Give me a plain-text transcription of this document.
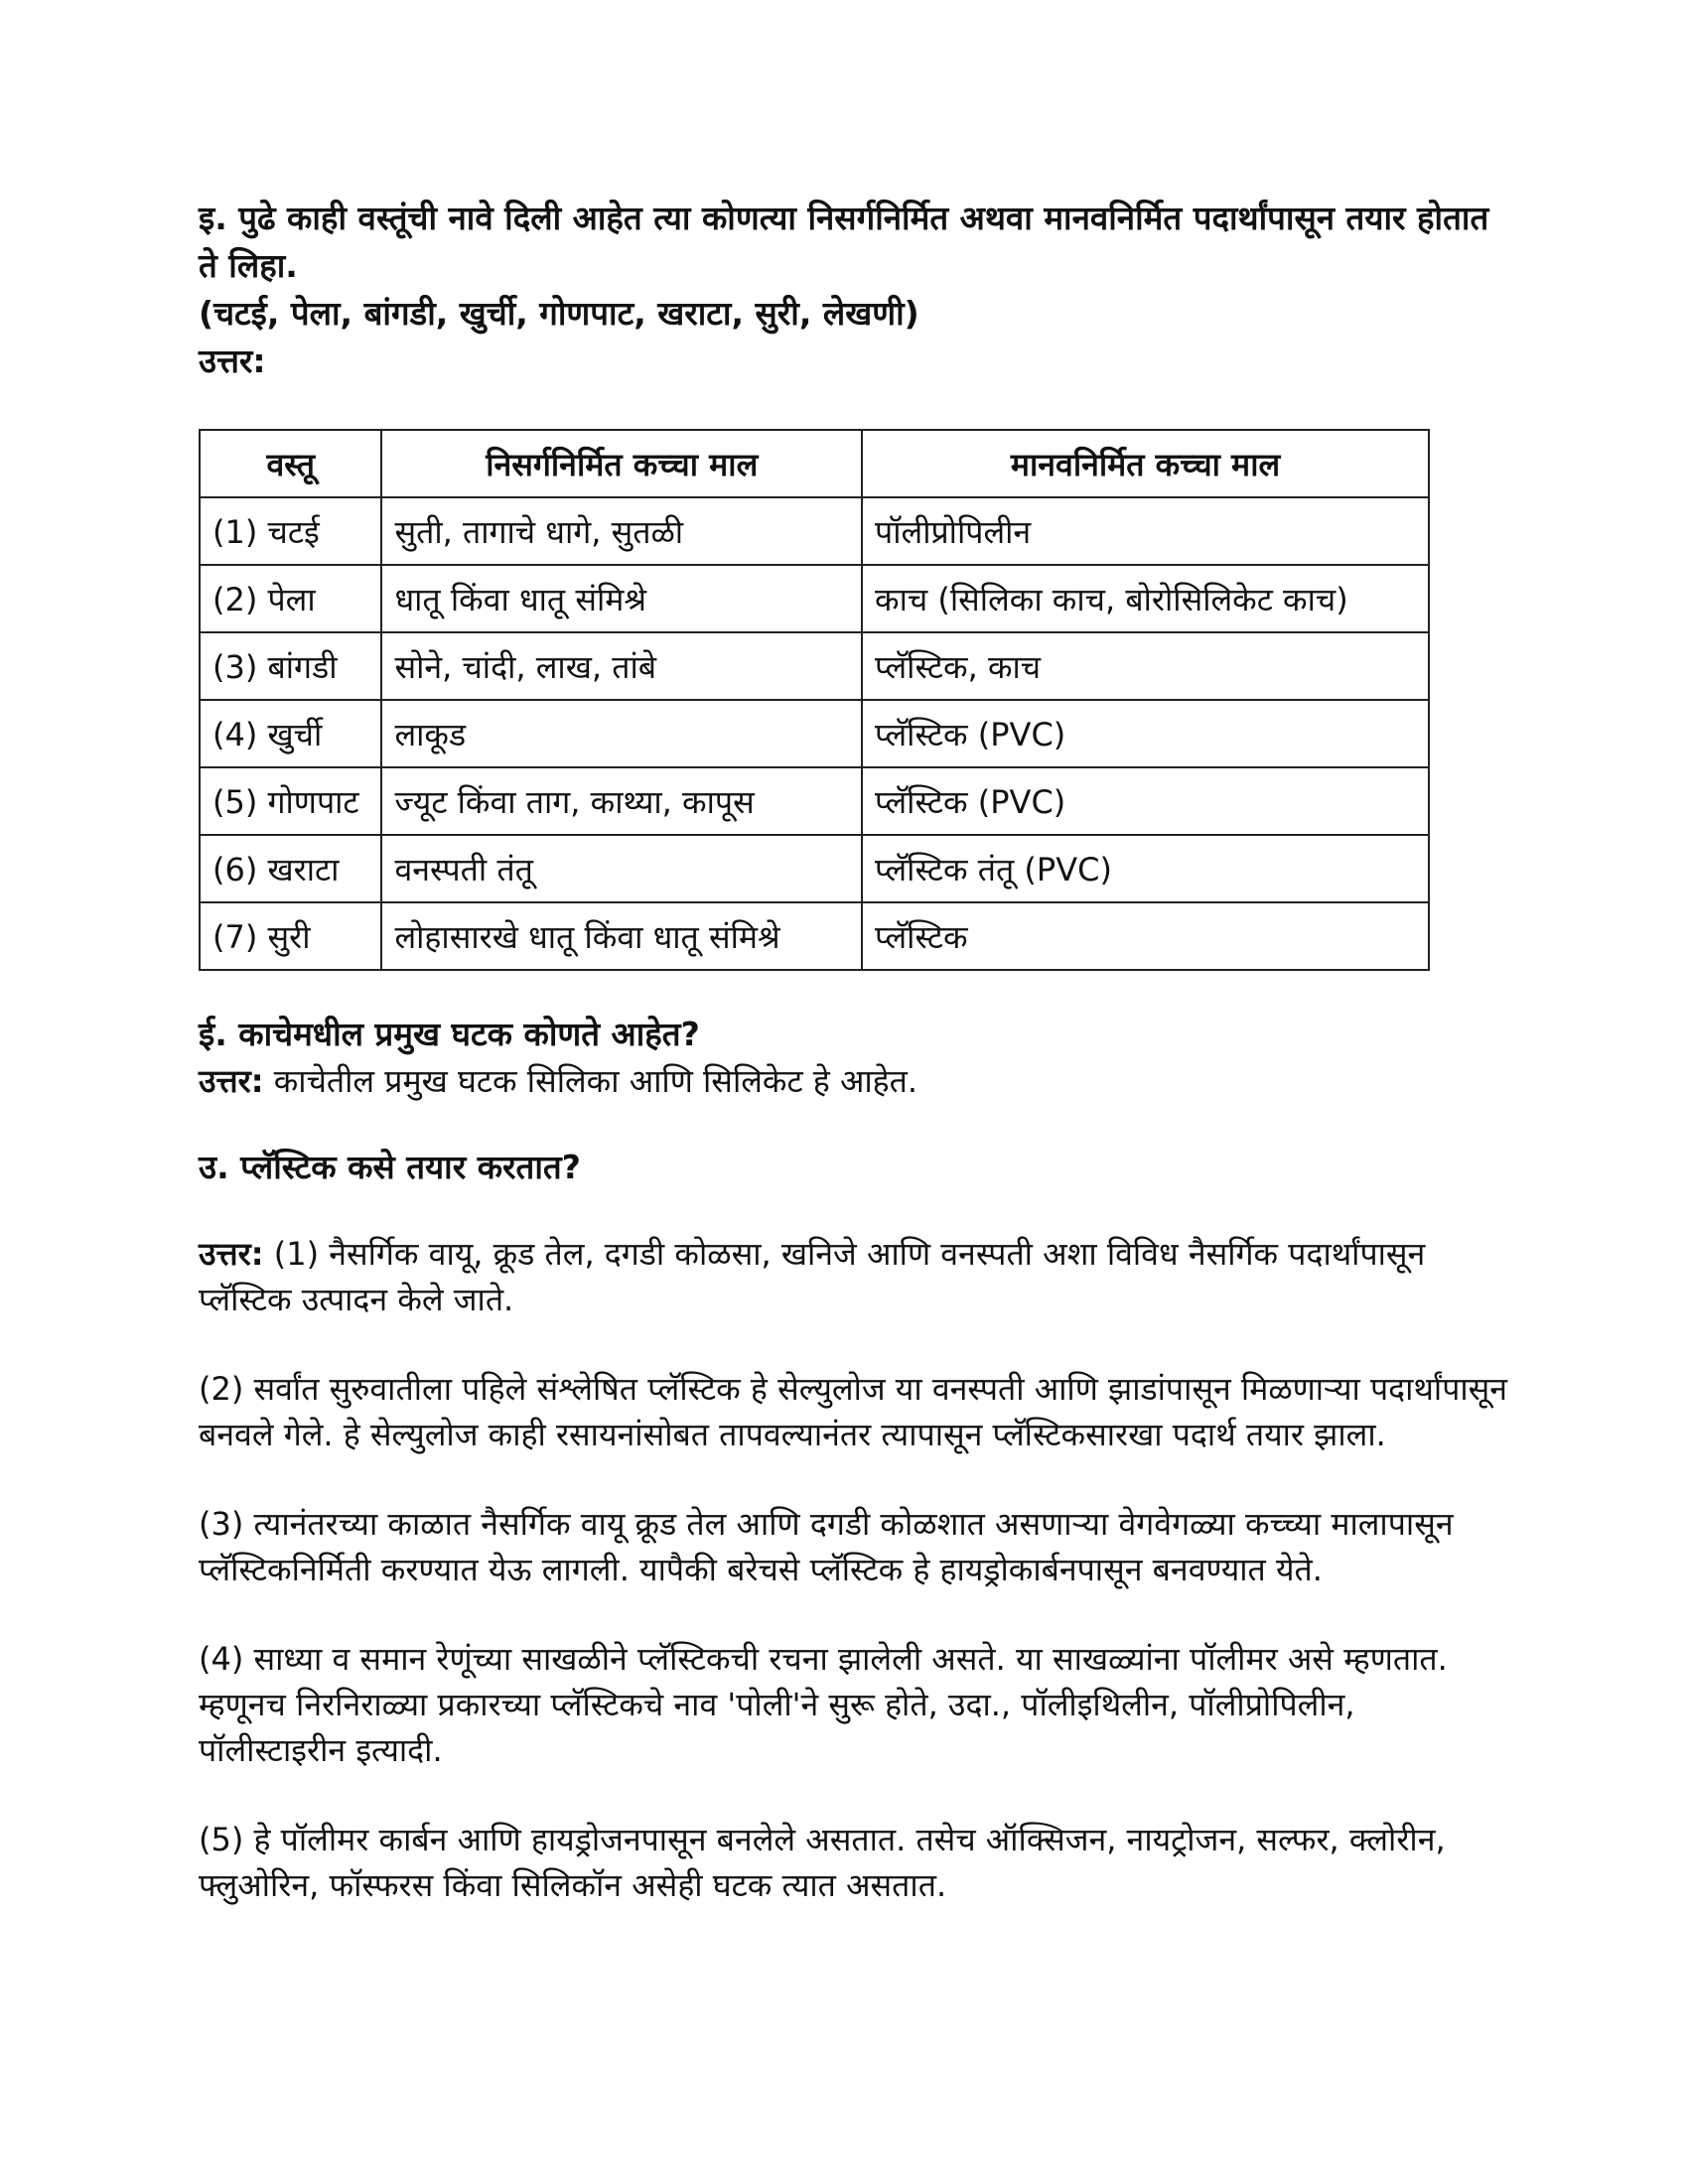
इ. पुढे काही वस्तूंची नावे दिली आहेत त्या कोणत्या निसर्गनिर्मित अथवा मानवनिर्मित पदार्थांपासून तयार होतात ते लिहा.

(चटई, पेला, बांगडी, खुर्ची, गोणपाट, खराटा, सुरी, लेखणी)

उत्तर:

वस्तू	निसर्गनिर्मित कच्चा माल	मानवनिर्मित कच्चा माल
(1) चटई	सुती, तागाचे धागे, सुतळी	पॉलीप्रोपिलीन
(2) पेला	धातू किंवा धातू संमिश्रे	काच (सिलिका काच, बोरोसिलिकेट काच)
(3) बांगडी	सोने, चांदी, लाख, तांबे	प्लॅस्टिक, काच
(4) खुर्ची	लाकूड	प्लॅस्टिक (PVC)
(5) गोणपाट	ज्यूट किंवा ताग, काथ्या, कापूस	प्लॅस्टिक (PVC)
(6) खराटा	वनस्पती तंतू	प्लॅस्टिक तंतू (PVC)
(7) सुरी	लोहासारखे धातू किंवा धातू संमिश्रे	प्लॅस्टिक

ई. काचेमधील प्रमुख घटक कोणते आहेत?

उत्तर: काचेतील प्रमुख घटक सिलिका आणि सिलिकेट हे आहेत.

उ. प्लॅस्टिक कसे तयार करतात?

उत्तर: (1) नैसर्गिक वायू, क्रूड तेल, दगडी कोळसा, खनिजे आणि वनस्पती अशा विविध नैसर्गिक पदार्थांपासून प्लॅस्टिक उत्पादन केले जाते.

(2) सर्वांत सुरुवातीला पहिले संश्लेषित प्लॅस्टिक हे सेल्युलोज या वनस्पती आणि झाडांपासून मिळणाऱ्या पदार्थांपासून बनवले गेले. हे सेल्युलोज काही रसायनांसोबत तापवल्यानंतर त्यापासून प्लॅस्टिकसारखा पदार्थ तयार झाला.

(3) त्यानंतरच्या काळात नैसर्गिक वायू क्रूड तेल आणि दगडी कोळशात असणाऱ्या वेगवेगळ्या कच्च्या मालापासून प्लॅस्टिकनिर्मिती करण्यात येऊ लागली. यापैकी बरेचसे प्लॅस्टिक हे हायड्रोकार्बनपासून बनवण्यात येते.

(4) साध्या व समान रेणूंच्या साखळीने प्लॅस्टिकची रचना झालेली असते. या साखळ्यांना पॉलीमर असे म्हणतात. म्हणूनच निरनिराळ्या प्रकारच्या प्लॅस्टिकचे नाव 'पोली'ने सुरू होते, उदा., पॉलीइथिलीन, पॉलीप्रोपिलीन, पॉलीस्टाइरीन इत्यादी.

(5) हे पॉलीमर कार्बन आणि हायड्रोजनपासून बनलेले असतात. तसेच ऑक्सिजन, नायट्रोजन, सल्फर, क्लोरीन, फ्लुओरिन, फॉस्फरस किंवा सिलिकॉन असेही घटक त्यात असतात.
